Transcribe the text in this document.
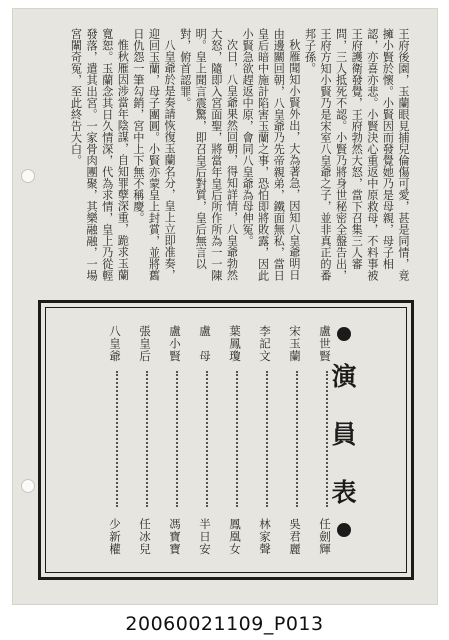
王府後園，玉蘭眼見捕兒倫傷可愛，甚是同情，竟擁小賢於懷。小賢因而發覺她乃是母親，母子相認，亦喜亦悲。小賢決心重返中原救母，不料事被王府護衛發覺，王府勃然大怒，當下召集三人審問，三人抵死不認。小賢乃將身世秘密全盤告出，王府方知小賢乃是宋室八皇爺之子，並非真正的番邦子孫。

秋雁聞知小賢外出，大為著急，因知八皇爺明日由邊關回朝，八皇爺乃先帝親弟，鐵面無私，當日皇后暗中施計陷害玉蘭之事，恐怕即將敗露，因此小賢急欲趕返中原，會同八皇爺為母伸冤。

次日，八皇爺果然回朝，得知詳情，八皇爺勃然大怒，隨即入宮面聖，將當年皇后所作所為一一陳明。皇上聞言震驚，即召皇后對質，皇后無言以對，俯首認罪。

八皇爺於是奏請恢復玉蘭名分，皇上立即准奏，迎回玉蘭，母子團圓。小賢亦蒙皇上封賞，並將舊日仇怨一筆勾銷，宮中上下無不稱慶。

惟秋雁因涉當年陰謀，自知罪孽深重，跪求玉蘭寬恕。玉蘭念其日久情深，代為求情，皇上乃從輕發落，遣其出宮。一家骨肉團聚，其樂融融，一場宮闈奇冤，至此終告大白。

演
員
表
盧世賢
任劍輝
宋玉蘭
吳君麗
李記文
林家聲
葉鳳瓊
鳳凰女
盧　母
半日安
盧小賢
馮寶寶
張皇后
任冰兒
八皇爺
少新權
20060021109_P013
